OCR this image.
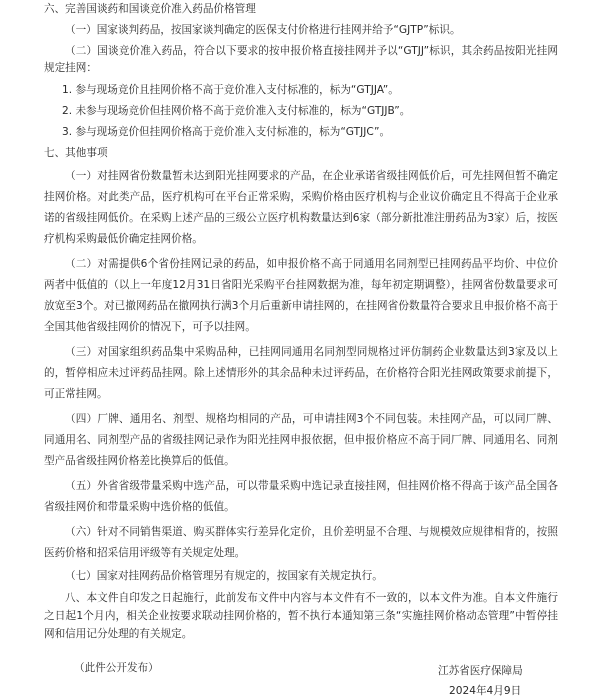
六、完善国谈药和国谈竞价准入药品价格管理

（一）国家谈判药品，按国家谈判确定的医保支付价格进行挂网并给予“GJTP”标识。

（二）国谈竞价准入药品，符合以下要求的按申报价格直接挂网并予以“GTJJ”标识，其余药品按阳光挂网规定挂网：

1. 参与现场竞价且挂网价格不高于竞价准入支付标准的，标为“GTJJA”。

2. 未参与现场竞价但挂网价格不高于竞价准入支付标准的，标为“GTJJB”。

3. 参与现场竞价但挂网价格高于竞价准入支付标准的，标为“GTJJC”。

七、其他事项

（一）对挂网省份数量暂未达到阳光挂网要求的产品，在企业承诺省级挂网低价后，可先挂网但暂不确定挂网价格。对此类产品，医疗机构可在平台正常采购，采购价格由医疗机构与企业议价确定且不得高于企业承诺的省级挂网低价。在采购上述产品的三级公立医疗机构数量达到6家（部分新批准注册药品为3家）后，按医疗机构采购最低价确定挂网价格。

（二）对需提供6个省份挂网记录的药品，如申报价格不高于同通用名同剂型已挂网药品平均价、中位价两者中低值的（以上一年度12月31日省阳光采购平台挂网数据为准，每年初定期调整），挂网省份数量要求可放宽至3个。对已撤网药品在撤网执行满3个月后重新申请挂网的，在挂网省份数量符合要求且申报价格不高于全国其他省级挂网价的情况下，可予以挂网。

（三）对国家组织药品集中采购品种，已挂网同通用名同剂型同规格过评仿制药企业数量达到3家及以上的，暂停相应未过评药品挂网。除上述情形外的其余品种未过评药品，在价格符合阳光挂网政策要求前提下，可正常挂网。

（四）厂牌、通用名、剂型、规格均相同的产品，可申请挂网3个不同包装。未挂网产品，可以同厂牌、同通用名、同剂型产品的省级挂网记录作为阳光挂网申报依据，但申报价格应不高于同厂牌、同通用名、同剂型产品省级挂网价格差比换算后的低值。

（五）外省省级带量采购中选产品，可以带量采购中选记录直接挂网，但挂网价格不得高于该产品全国各省级挂网价和带量采购中选价格的低值。

（六）针对不同销售渠道、购买群体实行差异化定价，且价差明显不合理、与规模效应规律相背的，按照医药价格和招采信用评级等有关规定处理。

（七）国家对挂网药品价格管理另有规定的，按国家有关规定执行。

八、本文件自印发之日起施行，此前发布文件中内容与本文件有不一致的，以本文件为准。自本文件施行之日起1个月内，相关企业按要求联动挂网价格的，暂不执行本通知第三条“实施挂网价格动态管理”中暂停挂网和信用记分处理的有关规定。

江苏省医疗保障局
2024年4月9日
（此件公开发布）
